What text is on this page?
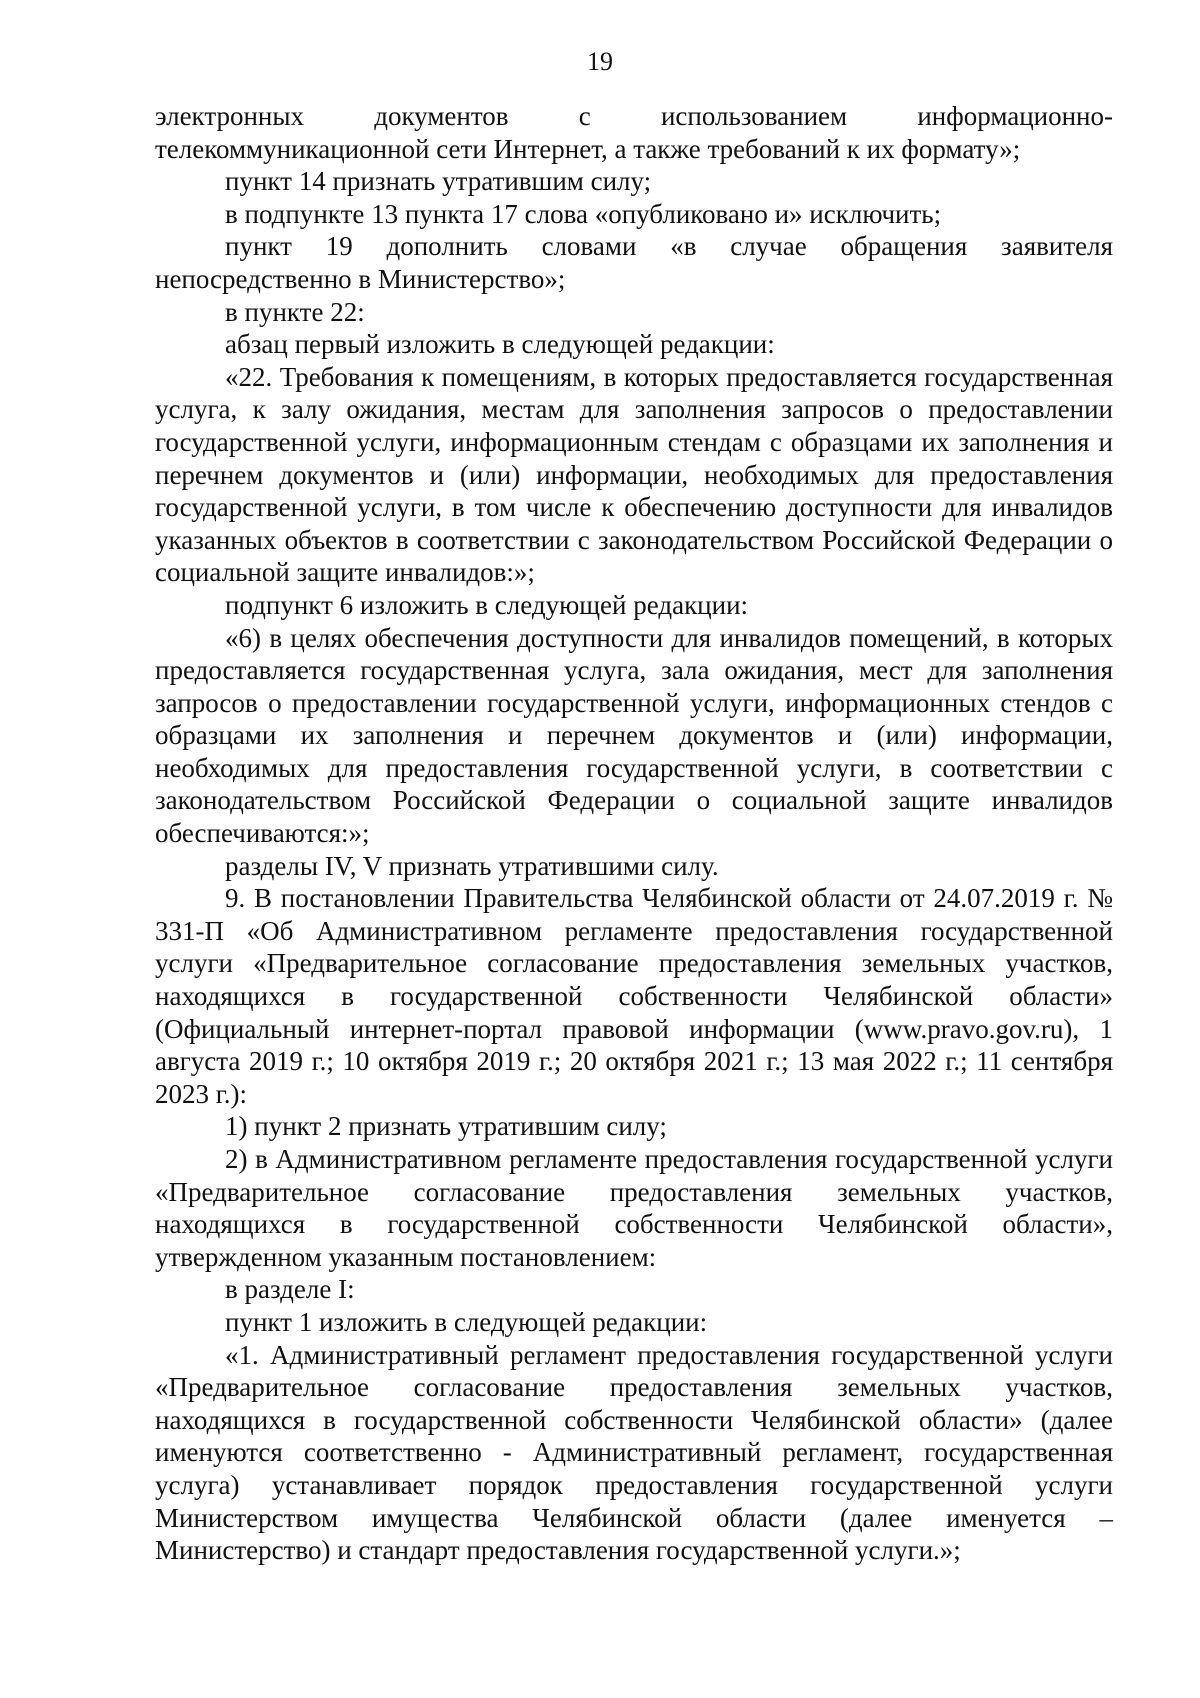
19

электронных документов с использованием информационно-телекоммуникационной сети Интернет, а также требований к их формату»;

пункт 14 признать утратившим силу;

в подпункте 13 пункта 17 слова «опубликовано и» исключить;

пункт 19 дополнить словами «в случае обращения заявителя непосредственно в Министерство»;

в пункте 22:

абзац первый изложить в следующей редакции:

«22. Требования к помещениям, в которых предоставляется государственная услуга, к залу ожидания, местам для заполнения запросов о предоставлении государственной услуги, информационным стендам с образцами их заполнения и перечнем документов и (или) информации, необходимых для предоставления государственной услуги, в том числе к обеспечению доступности для инвалидов указанных объектов в соответствии с законодательством Российской Федерации о социальной защите инвалидов:»;

подпункт 6 изложить в следующей редакции:

«6) в целях обеспечения доступности для инвалидов помещений, в которых предоставляется государственная услуга, зала ожидания, мест для заполнения запросов о предоставлении государственной услуги, информационных стендов с образцами их заполнения и перечнем документов и (или) информации, необходимых для предоставления государственной услуги, в соответствии с законодательством Российской Федерации о социальной защите инвалидов обеспечиваются:»;

разделы IV, V признать утратившими силу.

9. В постановлении Правительства Челябинской области от 24.07.2019 г. № 331-П «Об Административном регламенте предоставления государственной услуги «Предварительное согласование предоставления земельных участков, находящихся в государственной собственности Челябинской области» (Официальный интернет-портал правовой информации (www.pravo.gov.ru), 1 августа 2019 г.; 10 октября 2019 г.; 20 октября 2021 г.; 13 мая 2022 г.; 11 сентября 2023 г.):

1) пункт 2 признать утратившим силу;

2) в Административном регламенте предоставления государственной услуги «Предварительное согласование предоставления земельных участков, находящихся в государственной собственности Челябинской области», утвержденном указанным постановлением:

в разделе I:

пункт 1 изложить в следующей редакции:

«1. Административный регламент предоставления государственной услуги «Предварительное согласование предоставления земельных участков, находящихся в государственной собственности Челябинской области» (далее именуются соответственно - Административный регламент, государственная услуга) устанавливает порядок предоставления государственной услуги Министерством имущества Челябинской области (далее именуется – Министерство) и стандарт предоставления государственной услуги.»;
